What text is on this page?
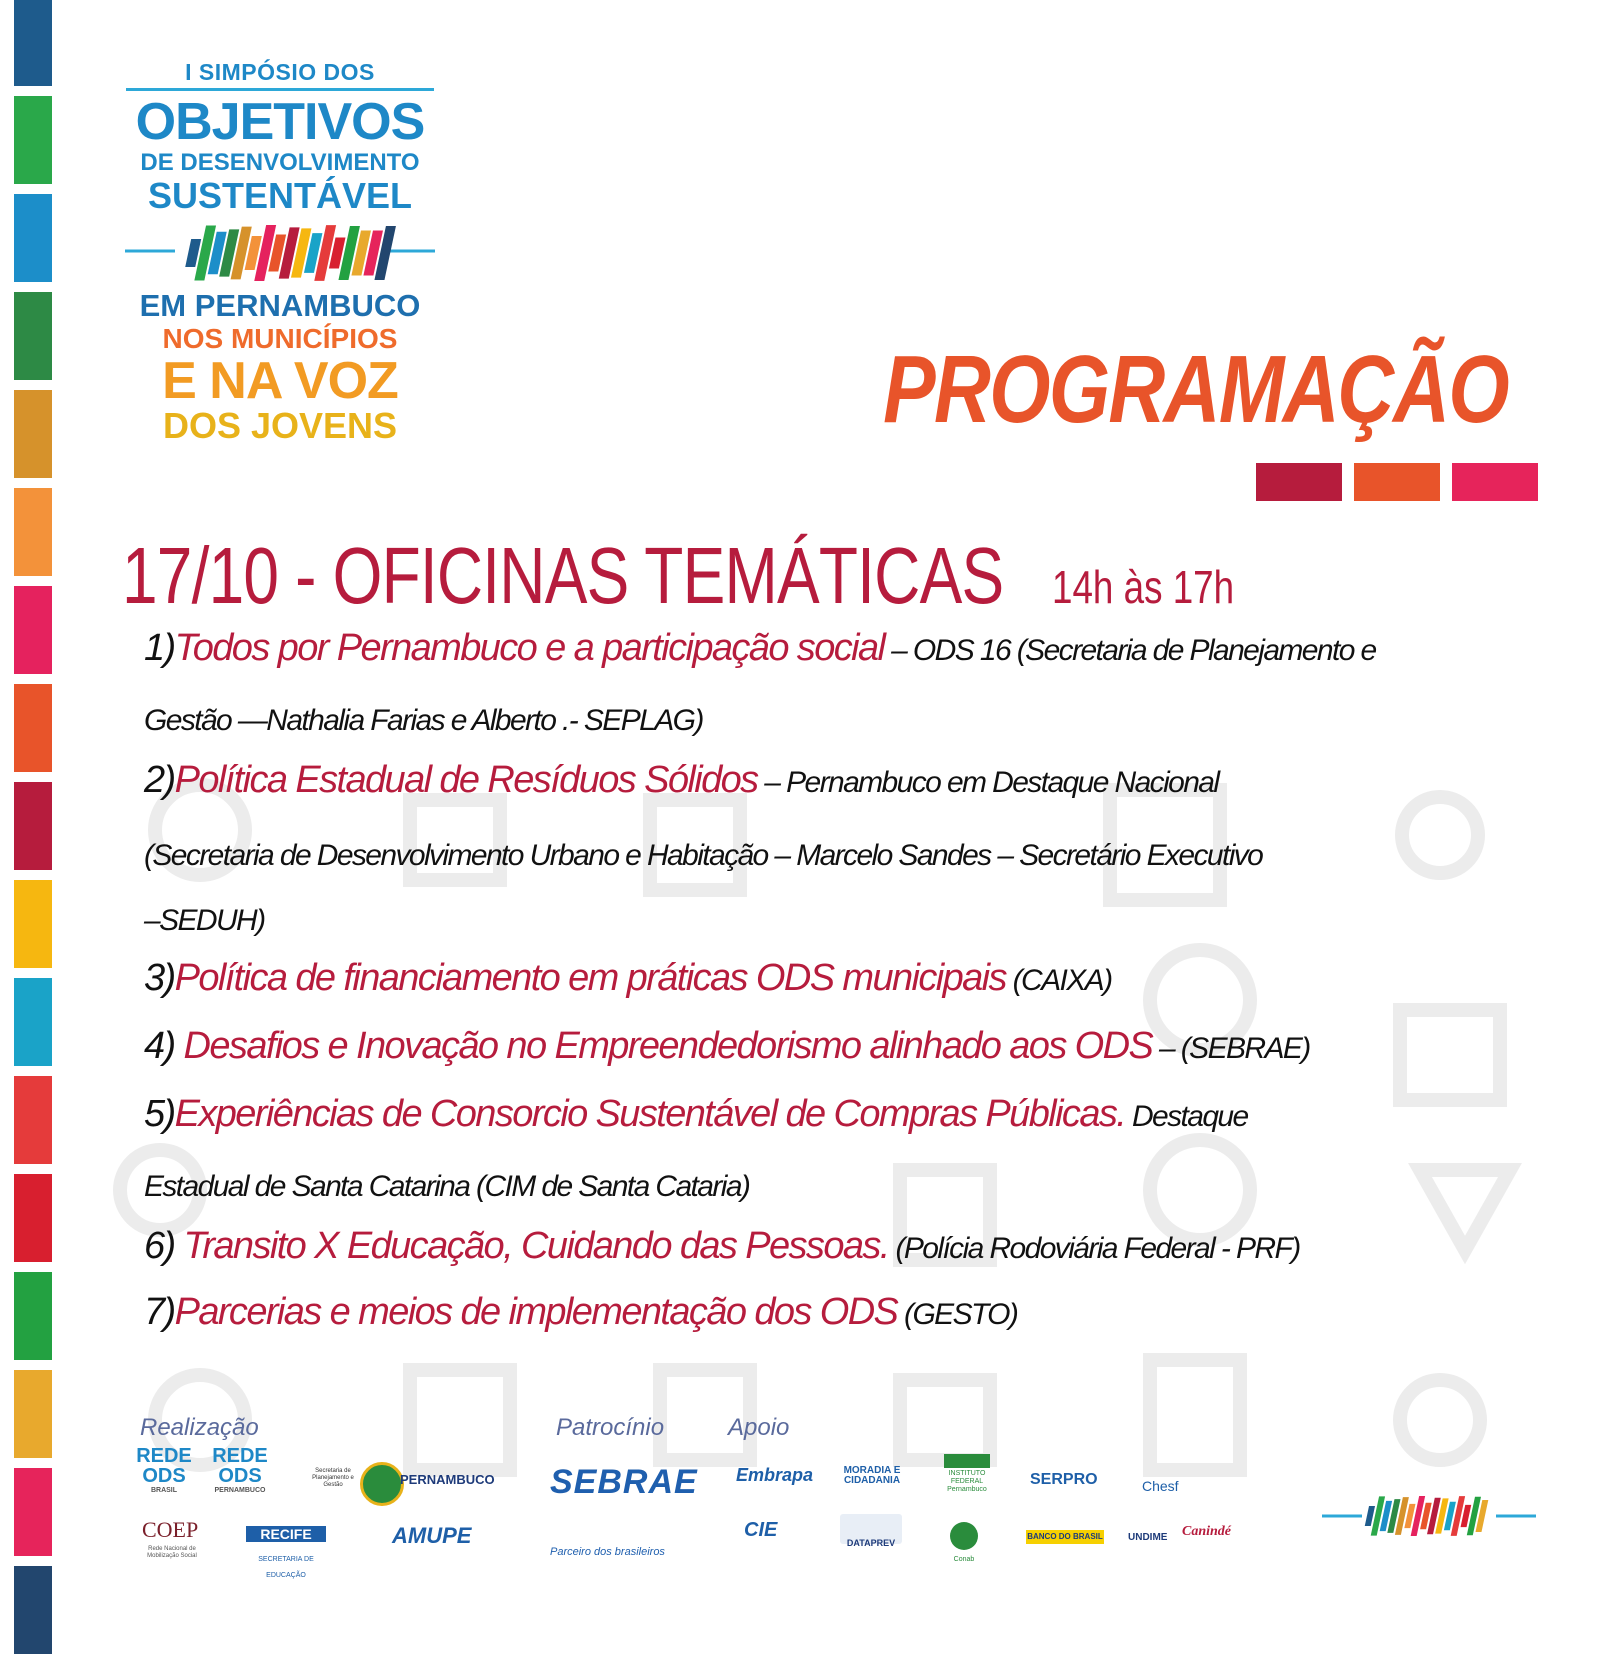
I SIMPÓSIO DOS
OBJETIVOS
DE DESENVOLVIMENTO
SUSTENTÁVEL
EM PERNAMBUCO
NOS MUNICÍPIOS
E NA VOZ
DOS JOVENS	PROGRAMAÇÃO
17/10 - OFICINAS TEMÁTICAS 14h às 17h
1)Todos por Pernambuco e a participação social – ODS 16 (Secretaria de Planejamento e
Gestão —Nathalia Farias e Alberto .- SEPLAG)
2)Política Estadual de Resíduos Sólidos – Pernambuco em Destaque Nacional
(Secretaria de Desenvolvimento Urbano e Habitação – Marcelo Sandes – Secretário Executivo
–SEDUH)
3)Política de financiamento em práticas ODS municipais (CAIXA)
4) Desafios e Inovação no Empreendedorismo alinhado aos ODS – (SEBRAE)
5)Experiências de Consorcio Sustentável de Compras Públicas. Destaque
Estadual de Santa Catarina (CIM de Santa Cataria)
6) Transito X Educação, Cuidando das Pessoas. (Polícia Rodoviária Federal - PRF)
7)Parcerias e meios de implementação dos ODS (GESTO)
Realização	Patrocínio	Apoio
REDE
ODS
BRASIL
REDE
ODS
PERNAMBUCO
Secretaria de Planejamento e Gestão	PERNAMBUCO
COEP
Rede Nacional de Mobilização Social
RECIFE
SECRETARIA DE EDUCAÇÃO
AMUPE
SEBRAE
Parceiro dos brasileiros
Embrapa	MORADIA E CIDADANIA
INSTITUTO FEDERAL Pernambuco
SERPRO	Chesf
CIE
DATAPREV
Conab
BANCO DO BRASIL	UNDIME Canindé
